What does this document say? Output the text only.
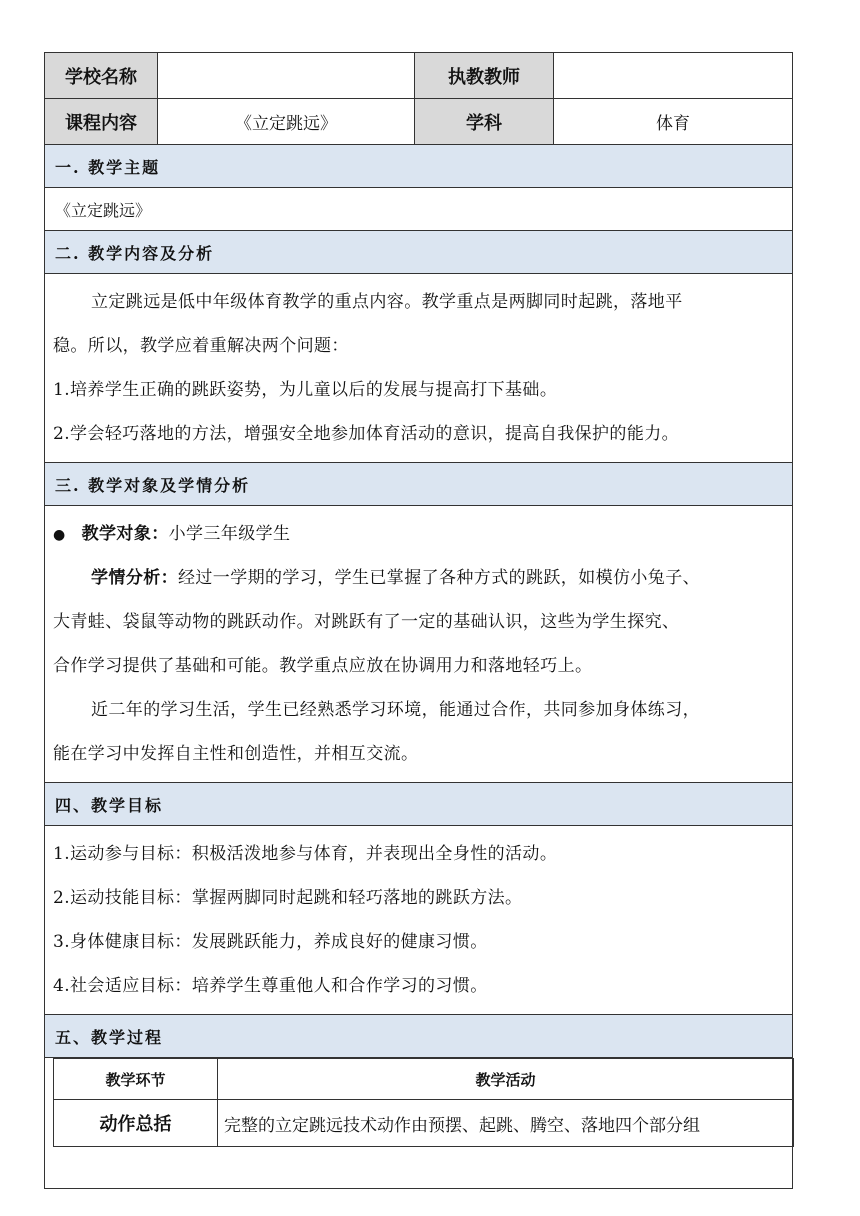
学校名称		执教教师	
课程内容	《立定跳远》	学科	体育
一. 教学主题
《立定跳远》
二. 教学内容及分析

立定跳远是低中年级体育教学的重点内容。教学重点是两脚同时起跳，落地平
稳。所以，教学应着重解决两个问题：
1.培养学生正确的跳跃姿势，为儿童以后的发展与提高打下基础。
2.学会轻巧落地的方法，增强安全地参加体育活动的意识，提高自我保护的能力。

三. 教学对象及学情分析

● 教学对象：小学三年级学生
学情分析：经过一学期的学习，学生已掌握了各种方式的跳跃，如模仿小兔子、
大青蛙、袋鼠等动物的跳跃动作。对跳跃有了一定的基础认识，这些为学生探究、
合作学习提供了基础和可能。教学重点应放在协调用力和落地轻巧上。
近二年的学习生活，学生已经熟悉学习环境，能通过合作，共同参加身体练习，
能在学习中发挥自主性和创造性，并相互交流。

四、教学目标

1.运动参与目标：积极活泼地参与体育，并表现出全身性的活动。
2.运动技能目标：掌握两脚同时起跳和轻巧落地的跳跃方法。
3.身体健康目标：发展跳跃能力，养成良好的健康习惯。
4.社会适应目标：培养学生尊重他人和合作学习的习惯。

五、教学过程

教学环节	教学活动
动作总括	完整的立定跳远技术动作由预摆、起跳、腾空、落地四个部分组
